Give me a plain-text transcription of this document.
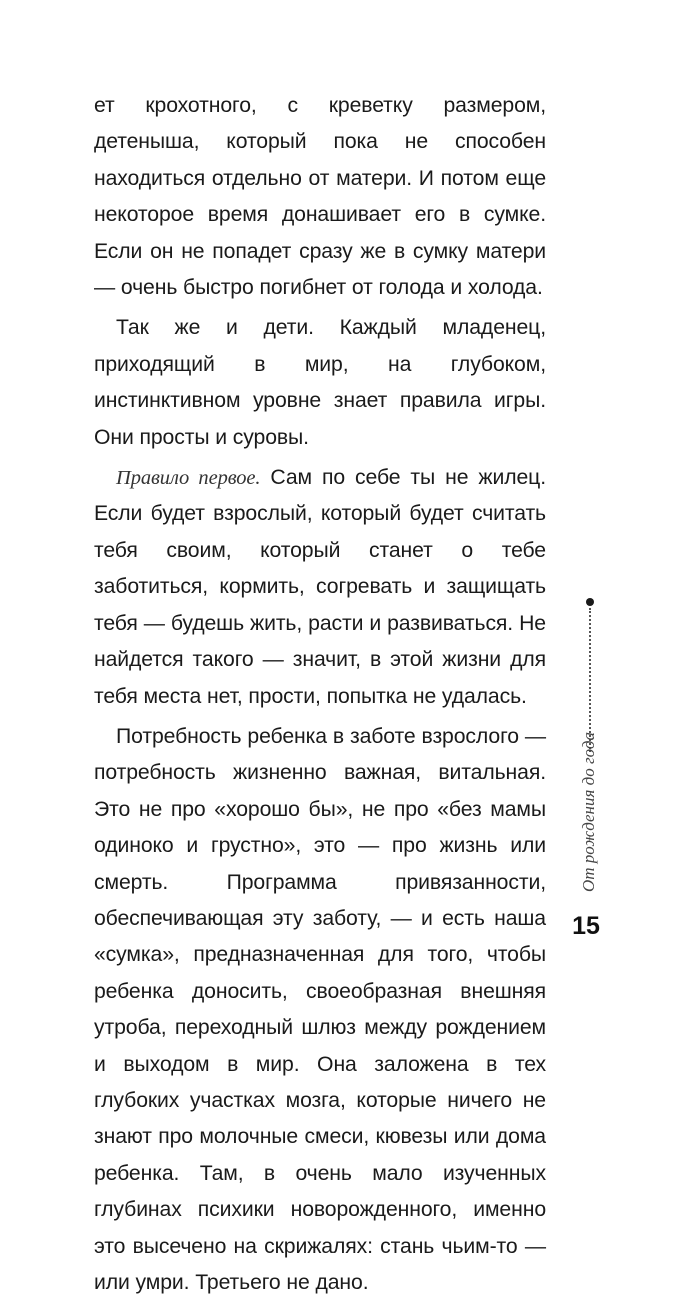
ет крохотного, с креветку размером, детеныша, который пока не способен находиться отдельно от матери. И потом еще некоторое время донашивает его в сумке. Если он не попадет сразу же в сумку матери — очень быстро погибнет от голода и холода.

Так же и дети. Каждый младенец, приходящий в мир, на глубоком, инстинктивном уровне знает правила игры. Они просты и суровы.

Правило первое. Сам по себе ты не жилец. Если будет взрослый, который будет считать тебя своим, который станет о тебе заботиться, кормить, согревать и защищать тебя — будешь жить, расти и развиваться. Не найдется такого — значит, в этой жизни для тебя места нет, прости, попытка не удалась.

Потребность ребенка в заботе взрослого — потребность жизненно важная, витальная. Это не про «хорошо бы», не про «без мамы одиноко и грустно», это — про жизнь или смерть. Программа привязанности, обеспечивающая эту заботу, — и есть наша «сумка», предназначенная для того, чтобы ребенка доносить, своеобразная внешняя утроба, переходный шлюз между рождением и выходом в мир. Она заложена в тех глубоких участках мозга, которые ничего не знают про молочные смеси, кювезы или дома ребенка. Там, в очень мало изученных глубинах психики новорожденного, именно это высечено на скрижалях: стань чьим-то — или умри. Третьего не дано.

От рождения до года
15
